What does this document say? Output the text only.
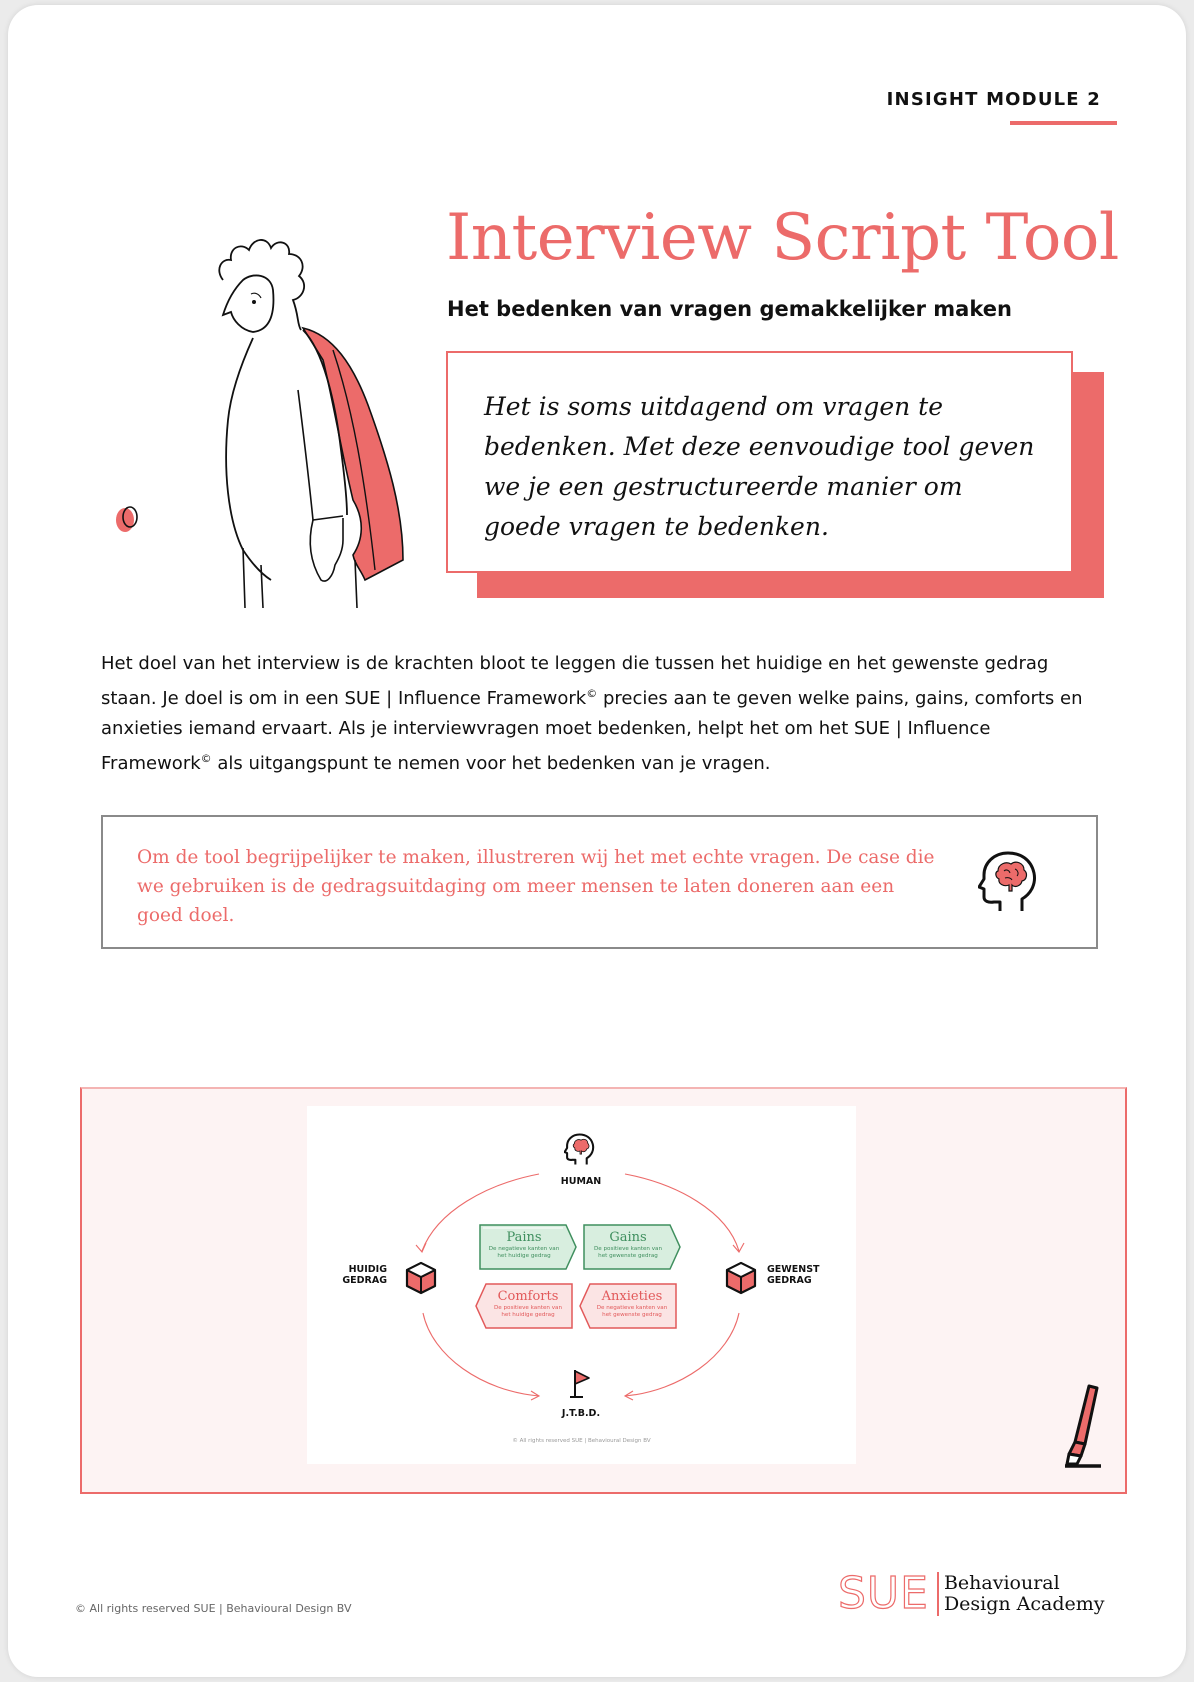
INSIGHT MODULE 2
Interview Script Tool
Het bedenken van vragen gemakkelijker maken
Het is soms uitdagend om vragen te bedenken. Met deze eenvoudige tool geven we je een gestructureerde manier om goede vragen te bedenken.
Het doel van het interview is de krachten bloot te leggen die tussen het huidige en het gewenste gedrag staan. Je doel is om in een SUE | Influence Framework© precies aan te geven welke pains, gains, comforts en anxieties iemand ervaart. Als je interviewvragen moet bedenken, helpt het om het SUE | Influence Framework© als uitgangspunt te nemen voor het bedenken van je vragen.
Om de tool begrijpelijker te maken, illustreren wij het met echte vragen. De case die we gebruiken is de gedragsuitdaging om meer mensen te laten doneren aan een goed doel.
HUMAN
HUIDIG
GEDRAG
GEWENST
GEDRAG
Pains
De negatieve kanten van
het huidige gedrag
Gains
De positieve kanten van
het gewenste gedrag
Comforts
De positieve kanten van
het huidige gedrag
Anxieties
De negatieve kanten van
het gewenste gedrag
J.T.B.D.
© All rights reserved SUE | Behavioural Design BV
© All rights reserved SUE | Behavioural Design BV	SUE Behavioural
Design Academy
